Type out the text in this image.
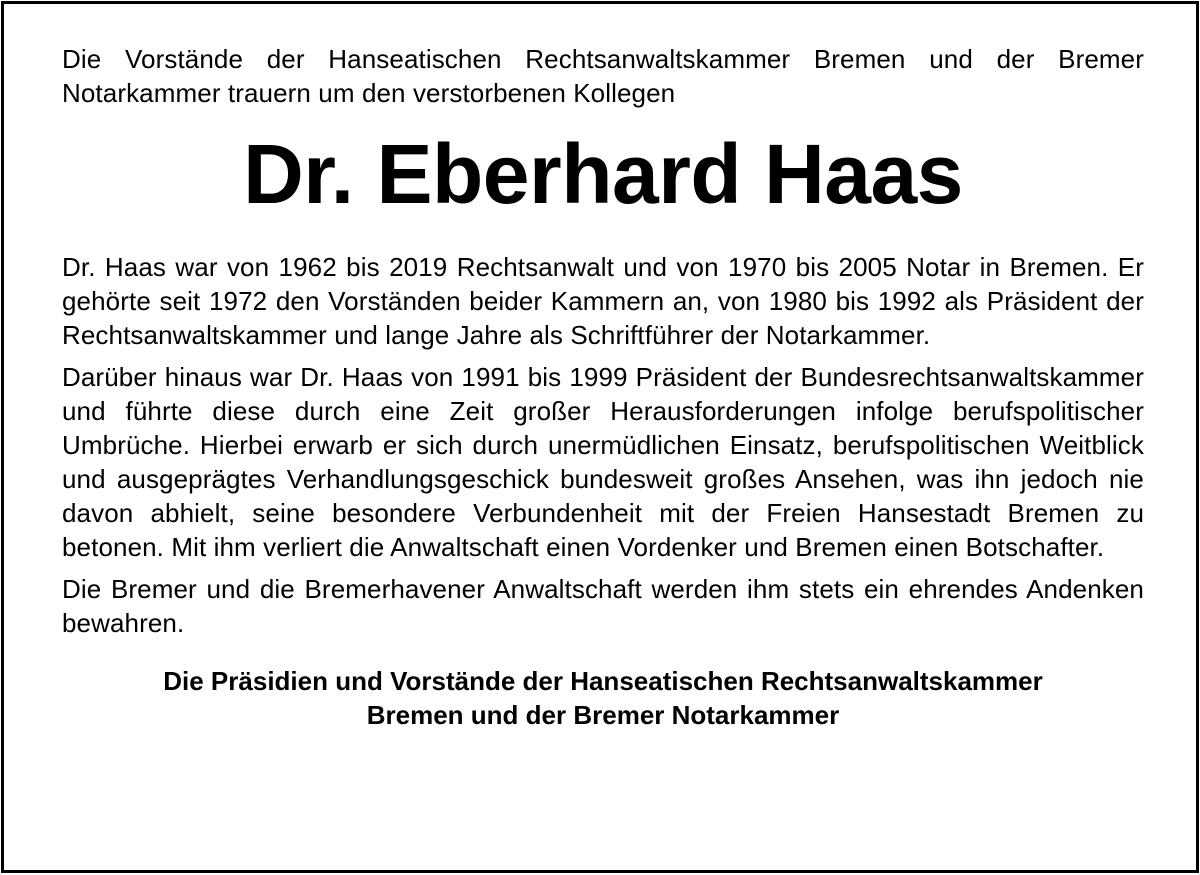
Die Vorstände der Hanseatischen Rechtsanwaltskammer Bremen und der Bremer Notarkammer trauern um den verstorbenen Kollegen

Dr. Eberhard Haas

Dr. Haas war von 1962 bis 2019 Rechtsanwalt und von 1970 bis 2005 Notar in Bremen. Er gehörte seit 1972 den Vorständen beider Kammern an, von 1980 bis 1992 als Präsident der Rechtsanwaltskammer und lange Jahre als Schriftführer der Notarkammer.

Darüber hinaus war Dr. Haas von 1991 bis 1999 Präsident der Bundesrechtsanwaltskammer und führte diese durch eine Zeit großer Herausforderungen infolge berufspolitischer Umbrüche. Hierbei erwarb er sich durch unermüdlichen Einsatz, berufspolitischen Weitblick und ausgeprägtes Verhandlungsgeschick bundesweit großes Ansehen, was ihn jedoch nie davon abhielt, seine besondere Verbundenheit mit der Freien Hansestadt Bremen zu betonen. Mit ihm verliert die Anwaltschaft einen Vordenker und Bremen einen Botschafter.

Die Bremer und die Bremerhavener Anwaltschaft werden ihm stets ein ehrendes Andenken bewahren.

Die Präsidien und Vorstände der Hanseatischen Rechtsanwaltskammer
Bremen und der Bremer Notarkammer
